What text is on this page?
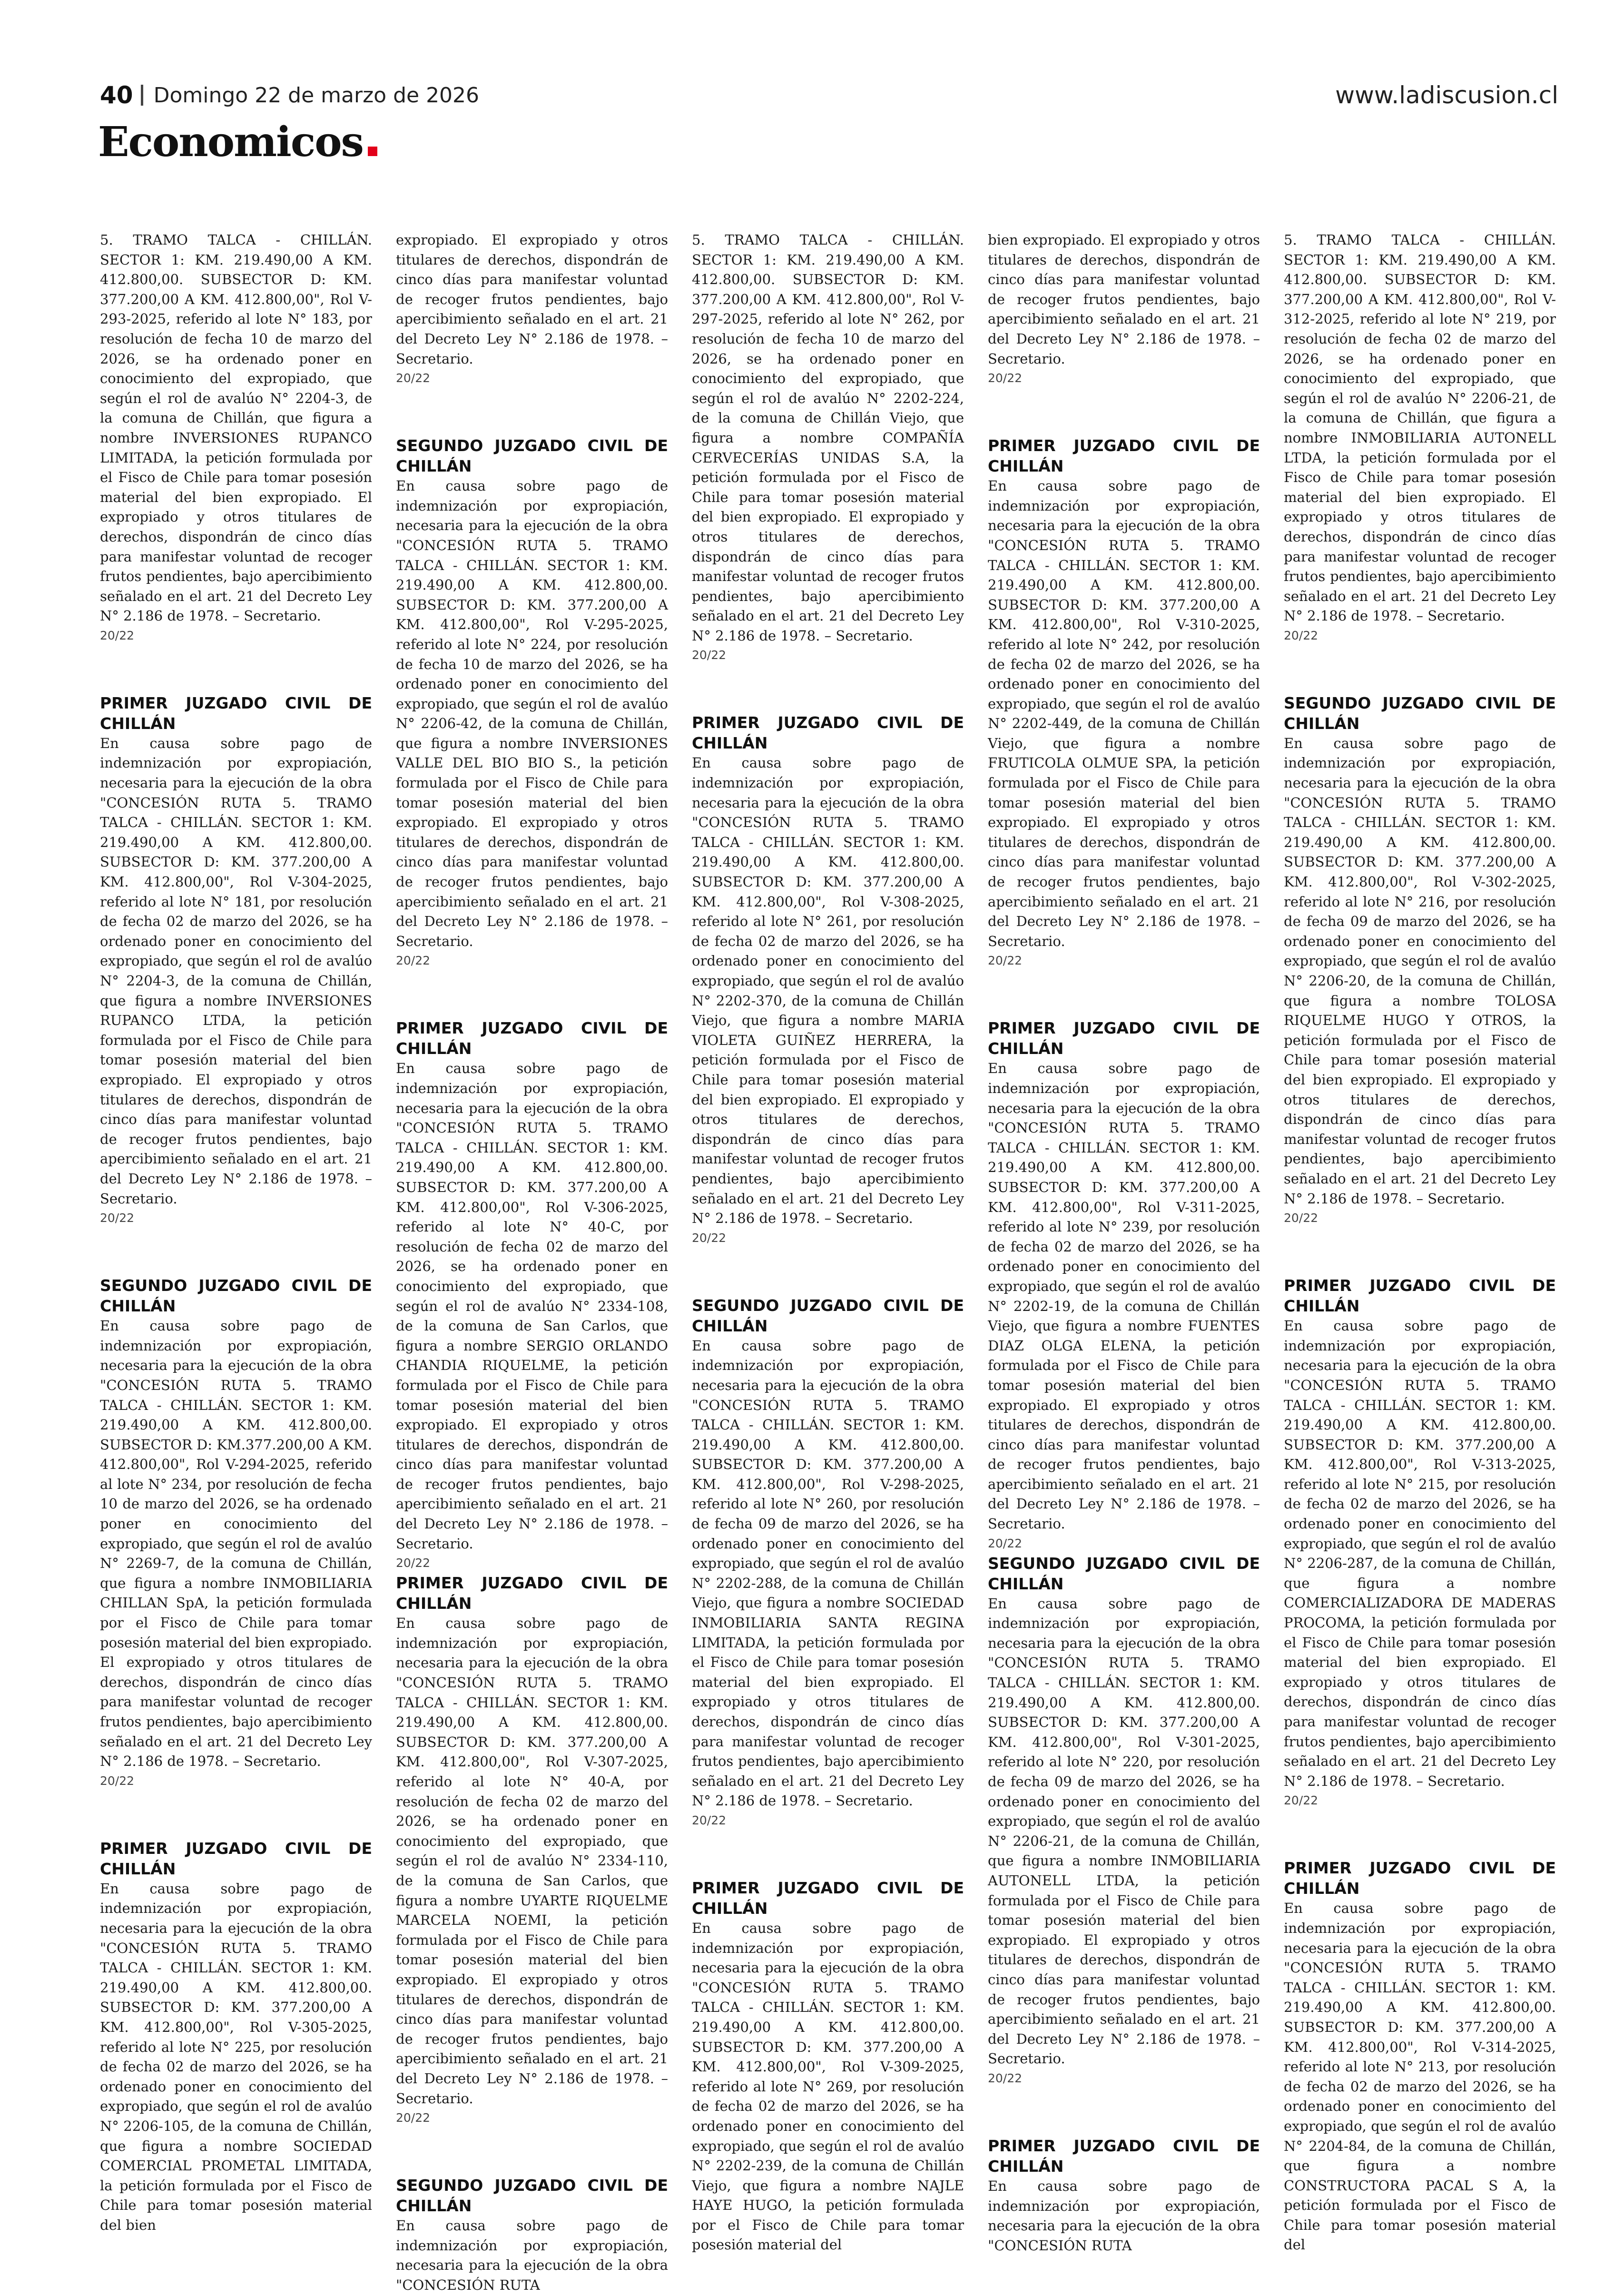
40 Domingo 22 de marzo de 2026	www.ladiscusion.cl
Economicos

5. TRAMO TALCA - CHILLÁN. SECTOR 1: KM. 219.490,00 A KM. 412.800,00. SUBSECTOR D: KM. 377.200,00 A KM. 412.800,00", Rol V-293-2025, referido al lote N° 183, por resolución de fecha 10 de marzo del 2026, se ha ordenado poner en conocimiento del expropiado, que según el rol de avalúo N° 2204-3, de la comuna de Chillán, que figura a nombre INVERSIONES RUPANCO LIMITADA, la petición formulada por el Fisco de Chile para tomar posesión material del bien expropiado. El expropiado y otros titulares de derechos, dispondrán de cinco días para manifestar voluntad de recoger frutos pendientes, bajo apercibimiento señalado en el art. 21 del Decreto Ley N° 2.186 de 1978. – Secretario.

20/22
PRIMER JUZGADO CIVIL DE CHILLÁN

En causa sobre pago de indemnización por expropiación, necesaria para la ejecución de la obra "CONCESIÓN RUTA 5. TRAMO TALCA - CHILLÁN. SECTOR 1: KM. 219.490,00 A KM. 412.800,00. SUBSECTOR D: KM. 377.200,00 A KM. 412.800,00", Rol V-304-2025, referido al lote N° 181, por resolución de fecha 02 de marzo del 2026, se ha ordenado poner en conocimiento del expropiado, que según el rol de avalúo N° 2204-3, de la comuna de Chillán, que figura a nombre INVERSIONES RUPANCO LTDA, la petición formulada por el Fisco de Chile para tomar posesión material del bien expropiado. El expropiado y otros titulares de derechos, dispondrán de cinco días para manifestar voluntad de recoger frutos pendientes, bajo apercibimiento señalado en el art. 21 del Decreto Ley N° 2.186 de 1978. – Secretario.

20/22
SEGUNDO JUZGADO CIVIL DE CHILLÁN

En causa sobre pago de indemnización por expropiación, necesaria para la ejecución de la obra "CONCESIÓN RUTA 5. TRAMO TALCA - CHILLÁN. SECTOR 1: KM. 219.490,00 A KM. 412.800,00. SUBSECTOR D: KM.377.200,00 A KM. 412.800,00", Rol V-294-2025, referido al lote N° 234, por resolución de fecha 10 de marzo del 2026, se ha ordenado poner en conocimiento del expropiado, que según el rol de avalúo N° 2269-7, de la comuna de Chillán, que figura a nombre INMOBILIARIA CHILLAN SpA, la petición formulada por el Fisco de Chile para tomar posesión material del bien expropiado. El expropiado y otros titulares de derechos, dispondrán de cinco días para manifestar voluntad de recoger frutos pendientes, bajo apercibimiento señalado en el art. 21 del Decreto Ley N° 2.186 de 1978. – Secretario.

20/22
PRIMER JUZGADO CIVIL DE CHILLÁN

En causa sobre pago de indemnización por expropiación, necesaria para la ejecución de la obra "CONCESIÓN RUTA 5. TRAMO TALCA - CHILLÁN. SECTOR 1: KM. 219.490,00 A KM. 412.800,00. SUBSECTOR D: KM. 377.200,00 A KM. 412.800,00", Rol V-305-2025, referido al lote N° 225, por resolución de fecha 02 de marzo del 2026, se ha ordenado poner en conocimiento del expropiado, que según el rol de avalúo N° 2206-105, de la comuna de Chillán, que figura a nombre SOCIEDAD COMERCIAL PROMETAL LIMITADA, la petición formulada por el Fisco de Chile para tomar posesión material del bien

expropiado. El expropiado y otros titulares de derechos, dispondrán de cinco días para manifestar voluntad de recoger frutos pendientes, bajo apercibimiento señalado en el art. 21 del Decreto Ley N° 2.186 de 1978. – Secretario.

20/22
SEGUNDO JUZGADO CIVIL DE CHILLÁN

En causa sobre pago de indemnización por expropiación, necesaria para la ejecución de la obra "CONCESIÓN RUTA 5. TRAMO TALCA - CHILLÁN. SECTOR 1: KM. 219.490,00 A KM. 412.800,00. SUBSECTOR D: KM. 377.200,00 A KM. 412.800,00", Rol V-295-2025, referido al lote N° 224, por resolución de fecha 10 de marzo del 2026, se ha ordenado poner en conocimiento del expropiado, que según el rol de avalúo N° 2206-42, de la comuna de Chillán, que figura a nombre INVERSIONES VALLE DEL BIO BIO S., la petición formulada por el Fisco de Chile para tomar posesión material del bien expropiado. El expropiado y otros titulares de derechos, dispondrán de cinco días para manifestar voluntad de recoger frutos pendientes, bajo apercibimiento señalado en el art. 21 del Decreto Ley N° 2.186 de 1978. – Secretario.

20/22
PRIMER JUZGADO CIVIL DE CHILLÁN

En causa sobre pago de indemnización por expropiación, necesaria para la ejecución de la obra "CONCESIÓN RUTA 5. TRAMO TALCA - CHILLÁN. SECTOR 1: KM. 219.490,00 A KM. 412.800,00. SUBSECTOR D: KM. 377.200,00 A KM. 412.800,00", Rol V-306-2025, referido al lote N° 40-C, por resolución de fecha 02 de marzo del 2026, se ha ordenado poner en conocimiento del expropiado, que según el rol de avalúo N° 2334-108, de la comuna de San Carlos, que figura a nombre SERGIO ORLANDO CHANDIA RIQUELME, la petición formulada por el Fisco de Chile para tomar posesión material del bien expropiado. El expropiado y otros titulares de derechos, dispondrán de cinco días para manifestar voluntad de recoger frutos pendientes, bajo apercibimiento señalado en el art. 21 del Decreto Ley N° 2.186 de 1978. – Secretario.

20/22
PRIMER JUZGADO CIVIL DE CHILLÁN

En causa sobre pago de indemnización por expropiación, necesaria para la ejecución de la obra "CONCESIÓN RUTA 5. TRAMO TALCA - CHILLÁN. SECTOR 1: KM. 219.490,00 A KM. 412.800,00. SUBSECTOR D: KM. 377.200,00 A KM. 412.800,00", Rol V-307-2025, referido al lote N° 40-A, por resolución de fecha 02 de marzo del 2026, se ha ordenado poner en conocimiento del expropiado, que según el rol de avalúo N° 2334-110, de la comuna de San Carlos, que figura a nombre UYARTE RIQUELME MARCELA NOEMI, la petición formulada por el Fisco de Chile para tomar posesión material del bien expropiado. El expropiado y otros titulares de derechos, dispondrán de cinco días para manifestar voluntad de recoger frutos pendientes, bajo apercibimiento señalado en el art. 21 del Decreto Ley N° 2.186 de 1978. – Secretario.

20/22
SEGUNDO JUZGADO CIVIL DE CHILLÁN

En causa sobre pago de indemnización por expropiación, necesaria para la ejecución de la obra "CONCESIÓN RUTA

5. TRAMO TALCA - CHILLÁN. SECTOR 1: KM. 219.490,00 A KM. 412.800,00. SUBSECTOR D: KM. 377.200,00 A KM. 412.800,00", Rol V-297-2025, referido al lote N° 262, por resolución de fecha 10 de marzo del 2026, se ha ordenado poner en conocimiento del expropiado, que según el rol de avalúo N° 2202-224, de la comuna de Chillán Viejo, que figura a nombre COMPAÑÍA CERVECERÍAS UNIDAS S.A, la petición formulada por el Fisco de Chile para tomar posesión material del bien expropiado. El expropiado y otros titulares de derechos, dispondrán de cinco días para manifestar voluntad de recoger frutos pendientes, bajo apercibimiento señalado en el art. 21 del Decreto Ley N° 2.186 de 1978. – Secretario.

20/22
PRIMER JUZGADO CIVIL DE CHILLÁN

En causa sobre pago de indemnización por expropiación, necesaria para la ejecución de la obra "CONCESIÓN RUTA 5. TRAMO TALCA - CHILLÁN. SECTOR 1: KM. 219.490,00 A KM. 412.800,00. SUBSECTOR D: KM. 377.200,00 A KM. 412.800,00", Rol V-308-2025, referido al lote N° 261, por resolución de fecha 02 de marzo del 2026, se ha ordenado poner en conocimiento del expropiado, que según el rol de avalúo N° 2202-370, de la comuna de Chillán Viejo, que figura a nombre MARIA VIOLETA GUIÑEZ HERRERA, la petición formulada por el Fisco de Chile para tomar posesión material del bien expropiado. El expropiado y otros titulares de derechos, dispondrán de cinco días para manifestar voluntad de recoger frutos pendientes, bajo apercibimiento señalado en el art. 21 del Decreto Ley N° 2.186 de 1978. – Secretario.

20/22
SEGUNDO JUZGADO CIVIL DE CHILLÁN

En causa sobre pago de indemnización por expropiación, necesaria para la ejecución de la obra "CONCESIÓN RUTA 5. TRAMO TALCA - CHILLÁN. SECTOR 1: KM. 219.490,00 A KM. 412.800,00. SUBSECTOR D: KM. 377.200,00 A KM. 412.800,00", Rol V-298-2025, referido al lote N° 260, por resolución de fecha 09 de marzo del 2026, se ha ordenado poner en conocimiento del expropiado, que según el rol de avalúo N° 2202-288, de la comuna de Chillán Viejo, que figura a nombre SOCIEDAD INMOBILIARIA SANTA REGINA LIMITADA, la petición formulada por el Fisco de Chile para tomar posesión material del bien expropiado. El expropiado y otros titulares de derechos, dispondrán de cinco días para manifestar voluntad de recoger frutos pendientes, bajo apercibimiento señalado en el art. 21 del Decreto Ley N° 2.186 de 1978. – Secretario.

20/22
PRIMER JUZGADO CIVIL DE CHILLÁN

En causa sobre pago de indemnización por expropiación, necesaria para la ejecución de la obra "CONCESIÓN RUTA 5. TRAMO TALCA - CHILLÁN. SECTOR 1: KM. 219.490,00 A KM. 412.800,00. SUBSECTOR D: KM. 377.200,00 A KM. 412.800,00", Rol V-309-2025, referido al lote N° 269, por resolución de fecha 02 de marzo del 2026, se ha ordenado poner en conocimiento del expropiado, que según el rol de avalúo N° 2202-239, de la comuna de Chillán Viejo, que figura a nombre NAJLE HAYE HUGO, la petición formulada por el Fisco de Chile para tomar posesión material del

bien expropiado. El expropiado y otros titulares de derechos, dispondrán de cinco días para manifestar voluntad de recoger frutos pendientes, bajo apercibimiento señalado en el art. 21 del Decreto Ley N° 2.186 de 1978. – Secretario.

20/22
PRIMER JUZGADO CIVIL DE CHILLÁN

En causa sobre pago de indemnización por expropiación, necesaria para la ejecución de la obra "CONCESIÓN RUTA 5. TRAMO TALCA - CHILLÁN. SECTOR 1: KM. 219.490,00 A KM. 412.800,00. SUBSECTOR D: KM. 377.200,00 A KM. 412.800,00", Rol V-310-2025, referido al lote N° 242, por resolución de fecha 02 de marzo del 2026, se ha ordenado poner en conocimiento del expropiado, que según el rol de avalúo N° 2202-449, de la comuna de Chillán Viejo, que figura a nombre FRUTICOLA OLMUE SPA, la petición formulada por el Fisco de Chile para tomar posesión material del bien expropiado. El expropiado y otros titulares de derechos, dispondrán de cinco días para manifestar voluntad de recoger frutos pendientes, bajo apercibimiento señalado en el art. 21 del Decreto Ley N° 2.186 de 1978. – Secretario.

20/22
PRIMER JUZGADO CIVIL DE CHILLÁN

En causa sobre pago de indemnización por expropiación, necesaria para la ejecución de la obra "CONCESIÓN RUTA 5. TRAMO TALCA - CHILLÁN. SECTOR 1: KM. 219.490,00 A KM. 412.800,00. SUBSECTOR D: KM. 377.200,00 A KM. 412.800,00", Rol V-311-2025, referido al lote N° 239, por resolución de fecha 02 de marzo del 2026, se ha ordenado poner en conocimiento del expropiado, que según el rol de avalúo N° 2202-19, de la comuna de Chillán Viejo, que figura a nombre FUENTES DIAZ OLGA ELENA, la petición formulada por el Fisco de Chile para tomar posesión material del bien expropiado. El expropiado y otros titulares de derechos, dispondrán de cinco días para manifestar voluntad de recoger frutos pendientes, bajo apercibimiento señalado en el art. 21 del Decreto Ley N° 2.186 de 1978. – Secretario.

20/22
SEGUNDO JUZGADO CIVIL DE CHILLÁN

En causa sobre pago de indemnización por expropiación, necesaria para la ejecución de la obra "CONCESIÓN RUTA 5. TRAMO TALCA - CHILLÁN. SECTOR 1: KM. 219.490,00 A KM. 412.800,00. SUBSECTOR D: KM. 377.200,00 A KM. 412.800,00", Rol V-301-2025, referido al lote N° 220, por resolución de fecha 09 de marzo del 2026, se ha ordenado poner en conocimiento del expropiado, que según el rol de avalúo N° 2206-21, de la comuna de Chillán, que figura a nombre INMOBILIARIA AUTONELL LTDA, la petición formulada por el Fisco de Chile para tomar posesión material del bien expropiado. El expropiado y otros titulares de derechos, dispondrán de cinco días para manifestar voluntad de recoger frutos pendientes, bajo apercibimiento señalado en el art. 21 del Decreto Ley N° 2.186 de 1978. – Secretario.

20/22
PRIMER JUZGADO CIVIL DE CHILLÁN

En causa sobre pago de indemnización por expropiación, necesaria para la ejecución de la obra "CONCESIÓN RUTA

5. TRAMO TALCA - CHILLÁN. SECTOR 1: KM. 219.490,00 A KM. 412.800,00. SUBSECTOR D: KM. 377.200,00 A KM. 412.800,00", Rol V-312-2025, referido al lote N° 219, por resolución de fecha 02 de marzo del 2026, se ha ordenado poner en conocimiento del expropiado, que según el rol de avalúo N° 2206-21, de la comuna de Chillán, que figura a nombre INMOBILIARIA AUTONELL LTDA, la petición formulada por el Fisco de Chile para tomar posesión material del bien expropiado. El expropiado y otros titulares de derechos, dispondrán de cinco días para manifestar voluntad de recoger frutos pendientes, bajo apercibimiento señalado en el art. 21 del Decreto Ley N° 2.186 de 1978. – Secretario.

20/22
SEGUNDO JUZGADO CIVIL DE CHILLÁN

En causa sobre pago de indemnización por expropiación, necesaria para la ejecución de la obra "CONCESIÓN RUTA 5. TRAMO TALCA - CHILLÁN. SECTOR 1: KM. 219.490,00 A KM. 412.800,00. SUBSECTOR D: KM. 377.200,00 A KM. 412.800,00", Rol V-302-2025, referido al lote N° 216, por resolución de fecha 09 de marzo del 2026, se ha ordenado poner en conocimiento del expropiado, que según el rol de avalúo N° 2206-20, de la comuna de Chillán, que figura a nombre TOLOSA RIQUELME HUGO Y OTROS, la petición formulada por el Fisco de Chile para tomar posesión material del bien expropiado. El expropiado y otros titulares de derechos, dispondrán de cinco días para manifestar voluntad de recoger frutos pendientes, bajo apercibimiento señalado en el art. 21 del Decreto Ley N° 2.186 de 1978. – Secretario.

20/22
PRIMER JUZGADO CIVIL DE CHILLÁN

En causa sobre pago de indemnización por expropiación, necesaria para la ejecución de la obra "CONCESIÓN RUTA 5. TRAMO TALCA - CHILLÁN. SECTOR 1: KM. 219.490,00 A KM. 412.800,00. SUBSECTOR D: KM. 377.200,00 A KM. 412.800,00", Rol V-313-2025, referido al lote N° 215, por resolución de fecha 02 de marzo del 2026, se ha ordenado poner en conocimiento del expropiado, que según el rol de avalúo N° 2206-287, de la comuna de Chillán, que figura a nombre COMERCIALIZADORA DE MADERAS PROCOMA, la petición formulada por el Fisco de Chile para tomar posesión material del bien expropiado. El expropiado y otros titulares de derechos, dispondrán de cinco días para manifestar voluntad de recoger frutos pendientes, bajo apercibimiento señalado en el art. 21 del Decreto Ley N° 2.186 de 1978. – Secretario.

20/22
PRIMER JUZGADO CIVIL DE CHILLÁN

En causa sobre pago de indemnización por expropiación, necesaria para la ejecución de la obra "CONCESIÓN RUTA 5. TRAMO TALCA - CHILLÁN. SECTOR 1: KM. 219.490,00 A KM. 412.800,00. SUBSECTOR D: KM. 377.200,00 A KM. 412.800,00", Rol V-314-2025, referido al lote N° 213, por resolución de fecha 02 de marzo del 2026, se ha ordenado poner en conocimiento del expropiado, que según el rol de avalúo N° 2204-84, de la comuna de Chillán, que figura a nombre CONSTRUCTORA PACAL S A, la petición formulada por el Fisco de Chile para tomar posesión material del
